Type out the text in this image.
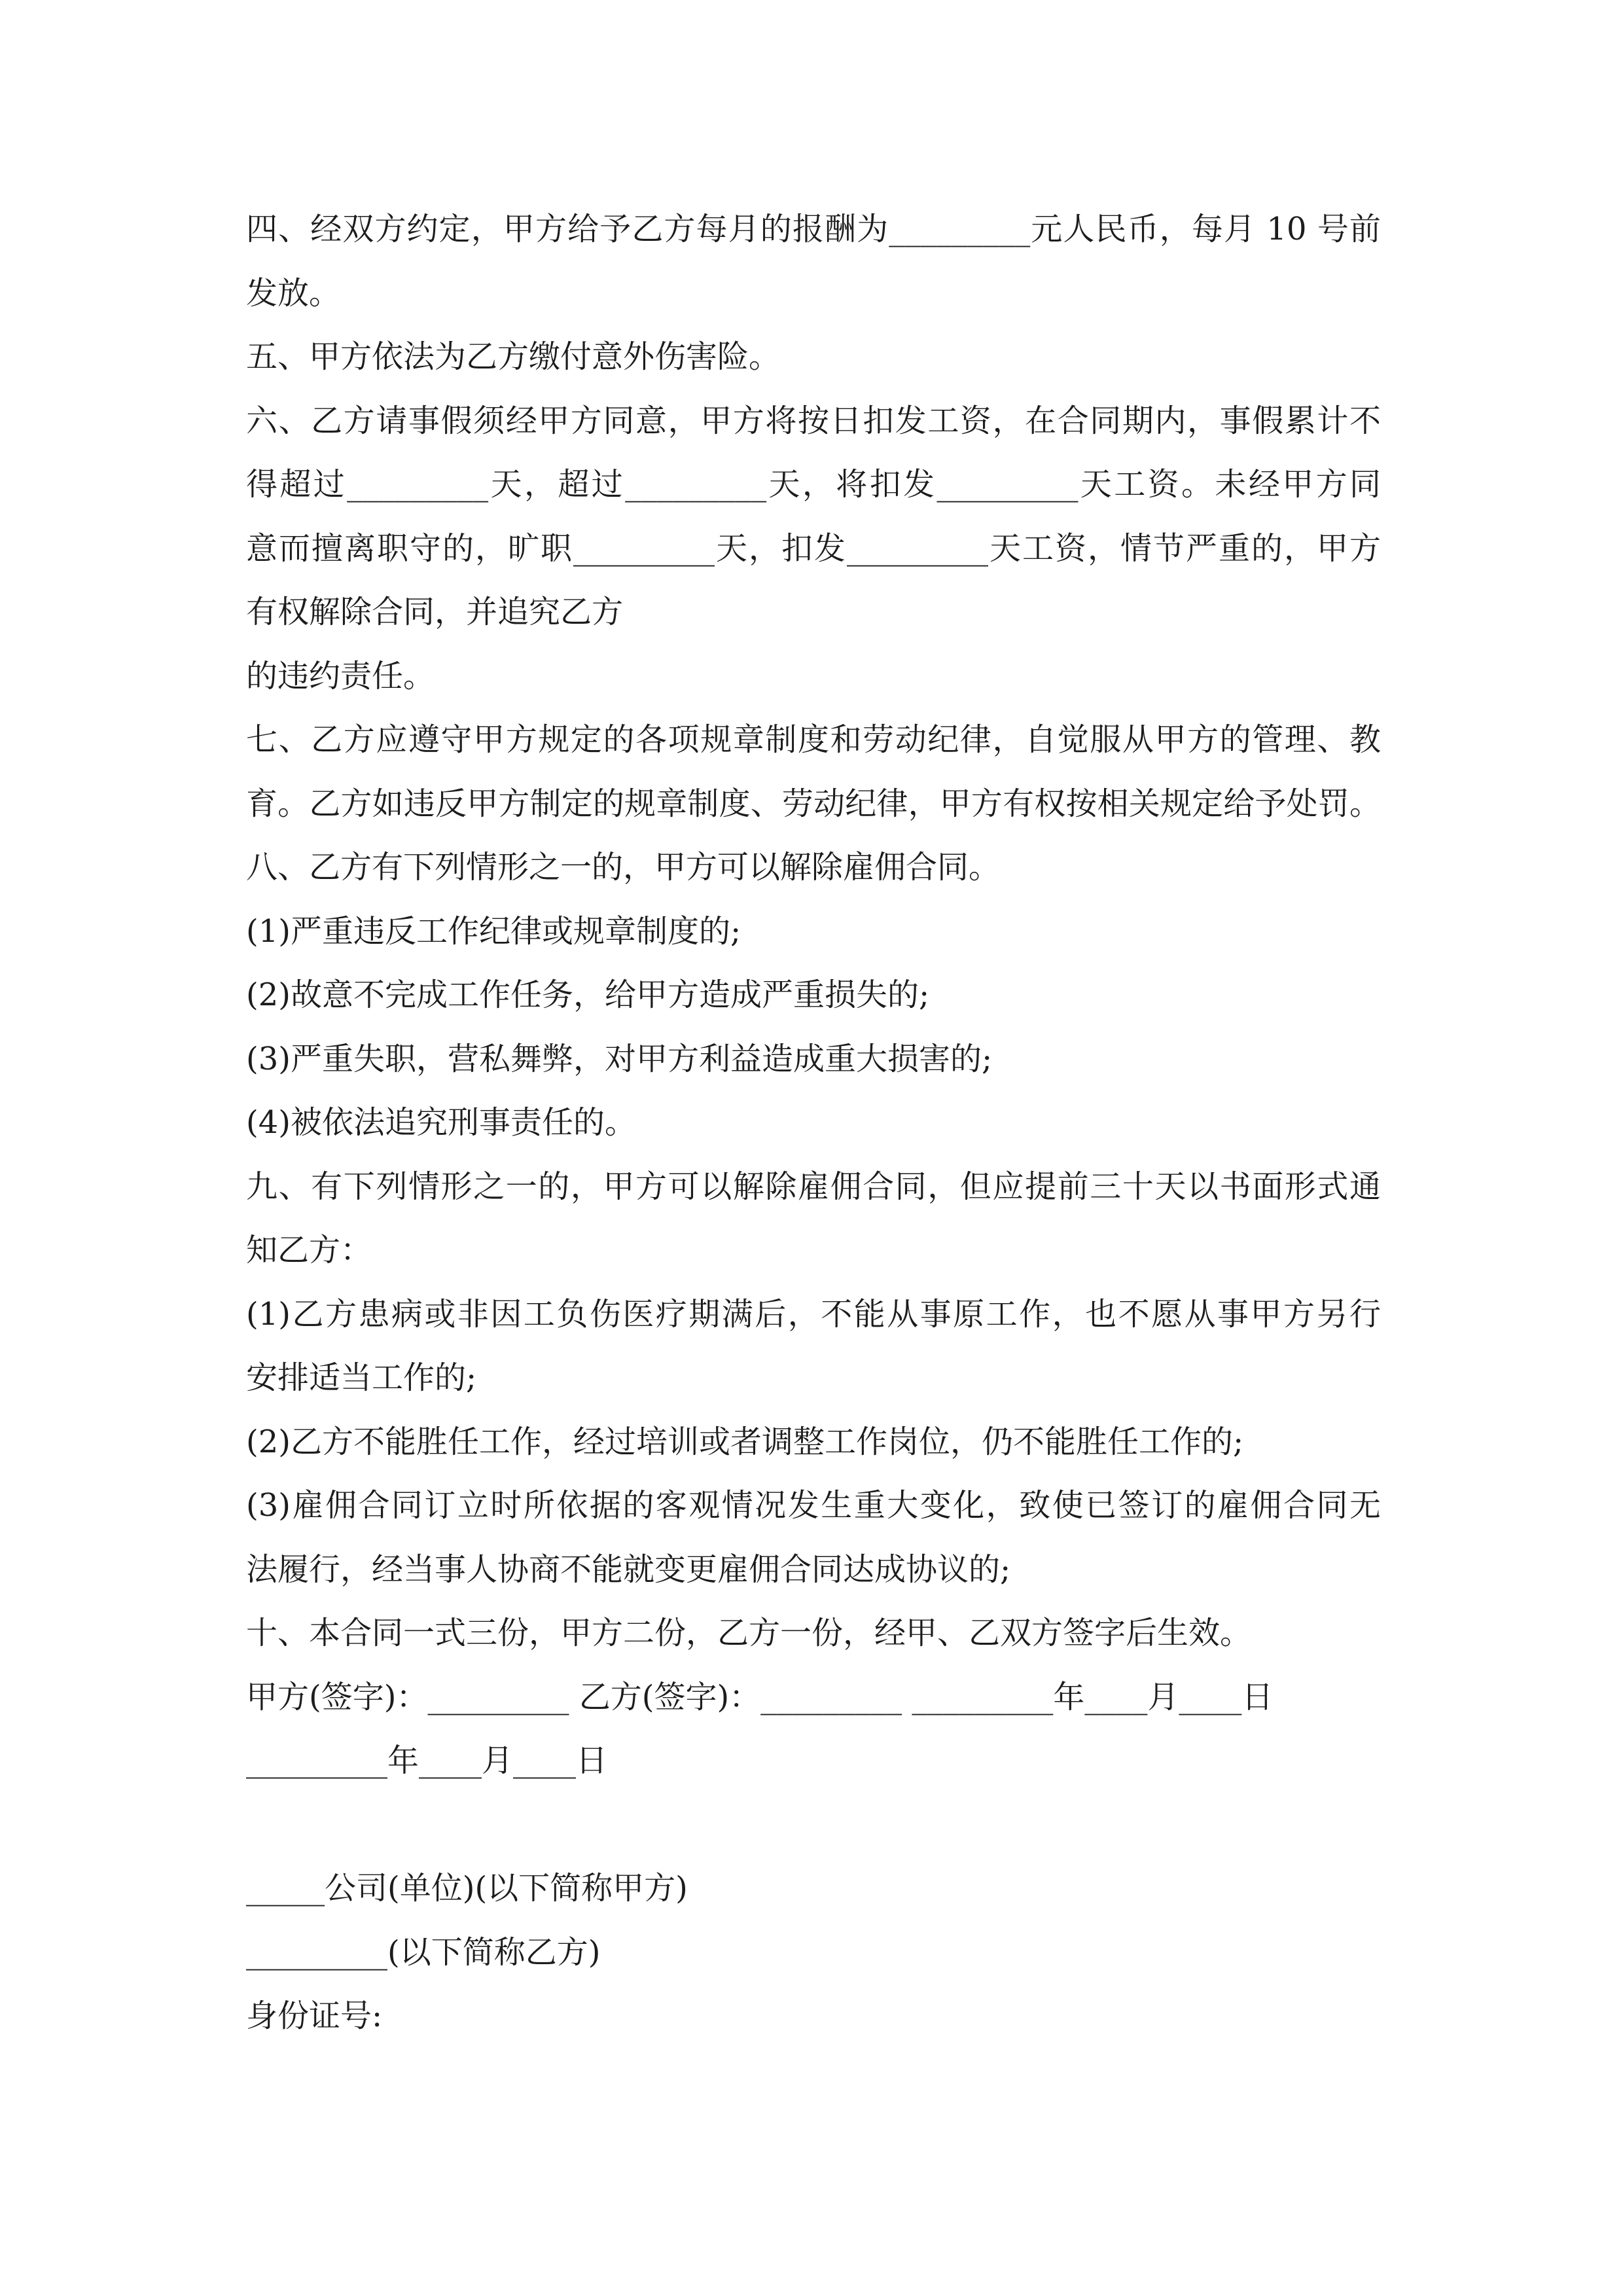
四、经双方约定，甲方给予乙方每月的报酬为_________元人民币，每月 10 号前
发放。
五、甲方依法为乙方缴付意外伤害险。
六、乙方请事假须经甲方同意，甲方将按日扣发工资，在合同期内，事假累计不
得超过_________天，超过_________天，将扣发_________天工资。未经甲方同
意而擅离职守的，旷职_________天，扣发_________天工资，情节严重的，甲方
有权解除合同，并追究乙方
的违约责任。
七、乙方应遵守甲方规定的各项规章制度和劳动纪律，自觉服从甲方的管理、教
育。乙方如违反甲方制定的规章制度、劳动纪律，甲方有权按相关规定给予处罚。
八、乙方有下列情形之一的，甲方可以解除雇佣合同。
(1)严重违反工作纪律或规章制度的;
(2)故意不完成工作任务，给甲方造成严重损失的;
(3)严重失职，营私舞弊，对甲方利益造成重大损害的;
(4)被依法追究刑事责任的。
九、有下列情形之一的，甲方可以解除雇佣合同，但应提前三十天以书面形式通
知乙方：
(1)乙方患病或非因工负伤医疗期满后，不能从事原工作，也不愿从事甲方另行
安排适当工作的;
(2)乙方不能胜任工作，经过培训或者调整工作岗位，仍不能胜任工作的;
(3)雇佣合同订立时所依据的客观情况发生重大变化，致使已签订的雇佣合同无
法履行，经当事人协商不能就变更雇佣合同达成协议的;
十、本合同一式三份，甲方二份，乙方一份，经甲、乙双方签字后生效。
甲方(签字)：_________ 乙方(签字)：_________ _________年____月____日
_________年____月____日
_____公司(单位)(以下简称甲方)
_________(以下简称乙方)
身份证号:
